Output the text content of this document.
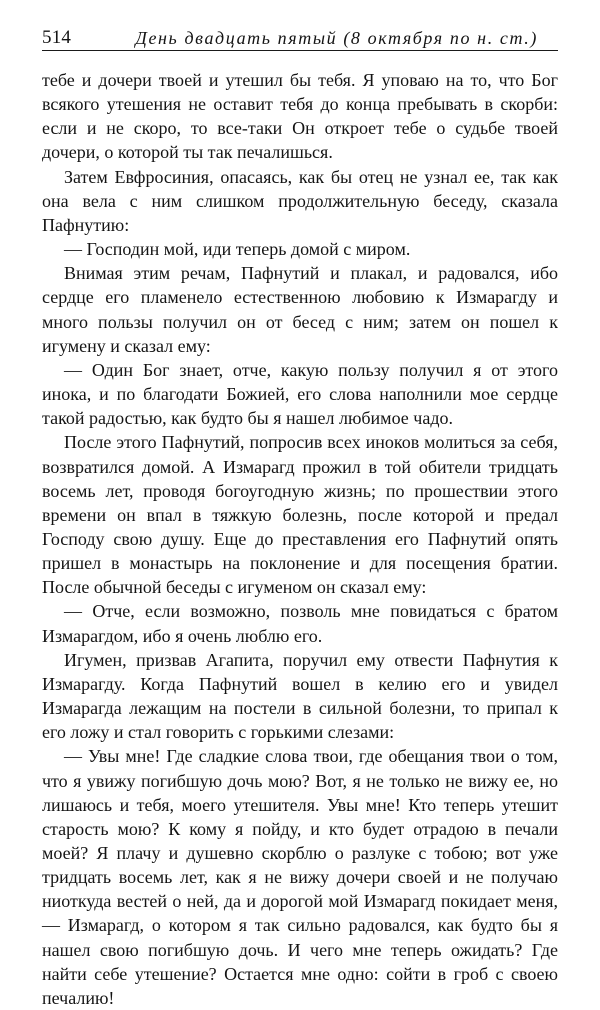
514	День двадцать пятый (8 октября по н. ст.)

тебе и дочери твоей и утешил бы тебя. Я уповаю на то, что Бог всякого утешения не оставит тебя до конца пребывать в скорби: если и не скоро, то все-таки Он откроет тебе о судьбе твоей дочери, о которой ты так печалишься.

Затем Евфросиния, опасаясь, как бы отец не узнал ее, так как она вела с ним слишком продолжительную беседу, сказала Пафнутию:

— Господин мой, иди теперь домой с миром.

Внимая этим речам, Пафнутий и плакал, и радовался, ибо сердце его пламенело естественною любовию к Измарагду и много пользы получил он от бесед с ним; затем он пошел к игумену и сказал ему:

— Один Бог знает, отче, какую пользу получил я от этого инока, и по благодати Божией, его слова наполнили мое сердце такой радостью, как будто бы я нашел любимое чадо.

После этого Пафнутий, попросив всех иноков молиться за себя, возвратился домой. А Измарагд прожил в той обители тридцать восемь лет, проводя богоугодную жизнь; по прошествии этого времени он впал в тяжкую болезнь, после которой и предал Господу свою душу. Еще до преставления его Пафнутий опять пришел в монастырь на поклонение и для посещения братии. После обычной беседы с игуменом он сказал ему:

— Отче, если возможно, позволь мне повидаться с братом Измарагдом, ибо я очень люблю его.

Игумен, призвав Агапита, поручил ему отвести Пафнутия к Измарагду. Когда Пафнутий вошел в келию его и увидел Измарагда лежащим на постели в сильной болезни, то припал к его ложу и стал говорить с горькими слезами:

— Увы мне! Где сладкие слова твои, где обещания твои о том, что я увижу погибшую дочь мою? Вот, я не только не вижу ее, но лишаюсь и тебя, моего утешителя. Увы мне! Кто теперь утешит старость мою? К кому я пойду, и кто будет отрадою в печали моей? Я плачу и душевно скорблю о разлуке с тобою; вот уже тридцать восемь лет, как я не вижу дочери своей и не получаю ниоткуда вестей о ней, да и дорогой мой Измарагд покидает меня, — Измарагд, о котором я так сильно радовался, как будто бы я нашел свою погибшую дочь. И чего мне теперь ожидать? Где найти себе утешение? Остается мне одно: сойти в гроб с своею печалию!
